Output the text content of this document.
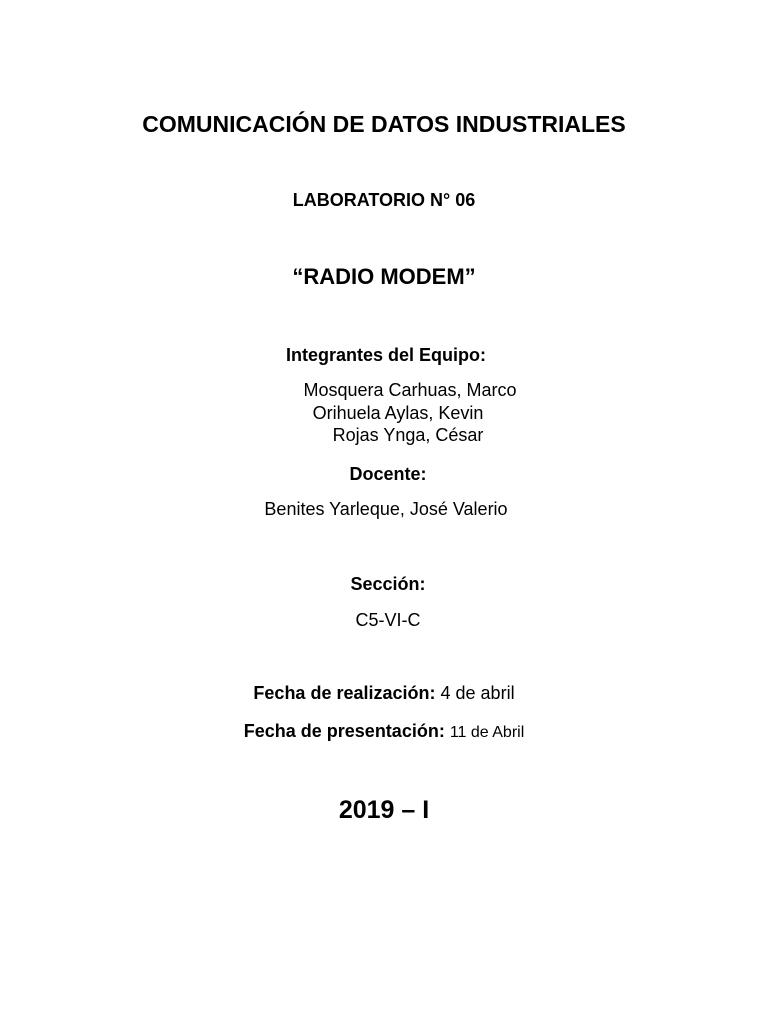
COMUNICACIÓN DE DATOS INDUSTRIALES
LABORATORIO N° 06
“RADIO MODEM”
Integrantes del Equipo:
Mosquera Carhuas, Marco
Orihuela Aylas, Kevin
Rojas Ynga, César
Docente:
Benites Yarleque, José Valerio
Sección:
C5-VI-C
Fecha de realización: 4 de abril
Fecha de presentación: 11 de Abril
2019 – I
